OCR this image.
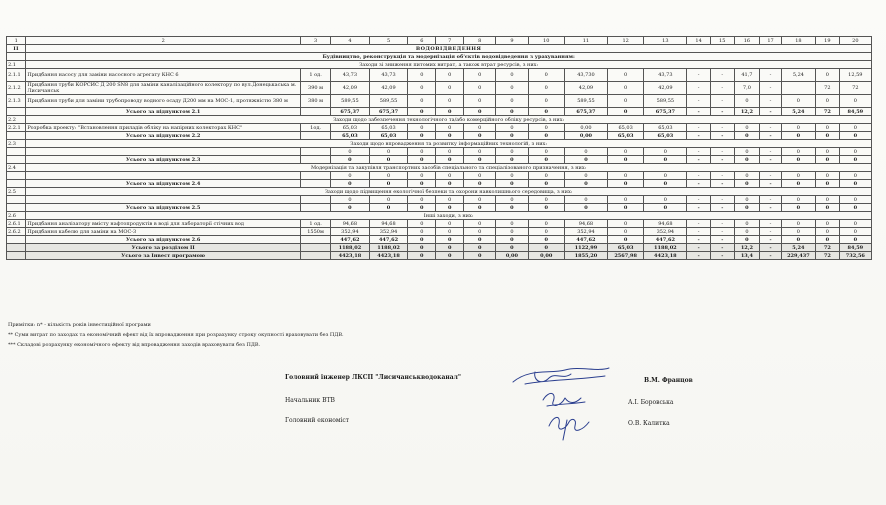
1	2	3	4	5	6	7	8	9	10	11	12	13	14	15	16	17	18	19	20
II	ВОДОВІДВЕДЕННЯ																		
	Будівництво, реконструкція та модернізація об'єктів водовідведення з урахуванням:																		
2.1	Заходи зі зниження питомих витрат, а також втрат ресурсів, з них:																		
2.1.1	Придбання насосу для заміни насосного агрегату КНС 6	1 од.	43,73	43,73	0	0	0	0	0	43,730	0	43,73	-	-	41,7	-	5,24	0	12,59
2.1.2	Придбання труби КОРСИС Д 200 SN8 для заміни каналізаційного колектору по вул.Донецькаська м. Лисичанськ	390 м	42,09	42,09	0	0	0	0	0	42,09	0	42,09	-	-	7,0	-		72	72
2.1.3	Придбання труби для заміни трубопроводу водного осаду Д200 мм на МОС-1, протяжністю 380 м	380 м	589,55	589,55	0	0	0	0	0	589,55	0	589,55	-	-	0	-	0	0	0
	Усього за підпунктом 2.1		675,37	675,37	0	0	0	0	0	675,37	0	675,37	-	-	12,2	-	5,24	72	84,59
2.2	Заходи щодо забезпечення технологічного та/або комерційного обліку ресурсів, з них:																		
2.2.1	Розробка проекту: "Встановлення приладів обліку на напірних колекторах КНС"	1од.	65,03	65,03	0	0	0	0	0	0,00	65,03	65,03	-	-	0	-	0	0	0
	Усього за підпунктом 2.2		65,03	65,03	0	0	0	0	0	0,00	65,03	65,03	-	-	0	-	0	0	0
2.3	Заходи щодо впровадження та розвитку інформаційних технологій, з них:																		
			0	0	0	0	0	0	0	0	0	0	-	-	0	-	0	0	0
	Усього за підпунктом 2.3		0	0	0	0	0	0	0	0	0	0	-	-	0	-	0	0	0
2.4	Модернізація та закупівля транспортних засобів спеціального та спеціалізованого призначення, з них:																		
			0	0	0	0	0	0	0	0	0	0	-	-	0	-	0	0	0
	Усього за підпунктом 2.4		0	0	0	0	0	0	0	0	0	0	-	-	0	-	0	0	0
2.5	Заходи щодо підвищення екологічної безпеки та охорони навколишнього середовища, з них:																		
			0	0	0	0	0	0	0	0	0	0	-	-	0	-	0	0	0
	Усього за підпунктом 2.5		0	0	0	0	0	0	0	0	0	0	-	-	0	-	0	0	0
2.6	Інші заходи, з них:																		
2.6.1	Придбання аналізатору вмісту нафтопродуктів в воді для лабораторії стічних вод	1 од.	94,68	94,68	0	0	0	0	0	94,68	0	94,68	-	-	0	-	0	0	0
2.6.2	Придбання кабелю для заміни на МОС-3	1550м	352,94	352,94	0	0	0	0	0	352,94	0	352,94	-	-	0	-	0	0	0
	Усього за підпунктом 2.6		447,62	447,62	0	0	0	0	0	447,62	0	447,62	-	-	0	-	0	0	0
	Усього за розділом II		1188,02	1188,02	0	0	0	0	0	1122,99	65,03	1188,02	-	-	12,2	-	5,24	72	84,59
	Усього за Інвест програмою		4423,18	4423,18	0	0	0	0,00	0,00	1855,20	2567,98	4423,18	-	-	13,4	-	229,437	72	732,56
Примітки: n* - кількість років інвестиційної програми
** Суми витрат по заходах та економічний ефект від їх впровадження при розрахунку строку окупності враховувати без ПДВ.
*** Складові розрахунку економічного ефекту від впровадження заходів враховувати без ПДВ.
Головний інженер ЛКСП "Лисичанськводоканал"	В.М. Францов
Начальник ВТВ	А.І. Боровська
Головний економіст	О.В. Калитка
